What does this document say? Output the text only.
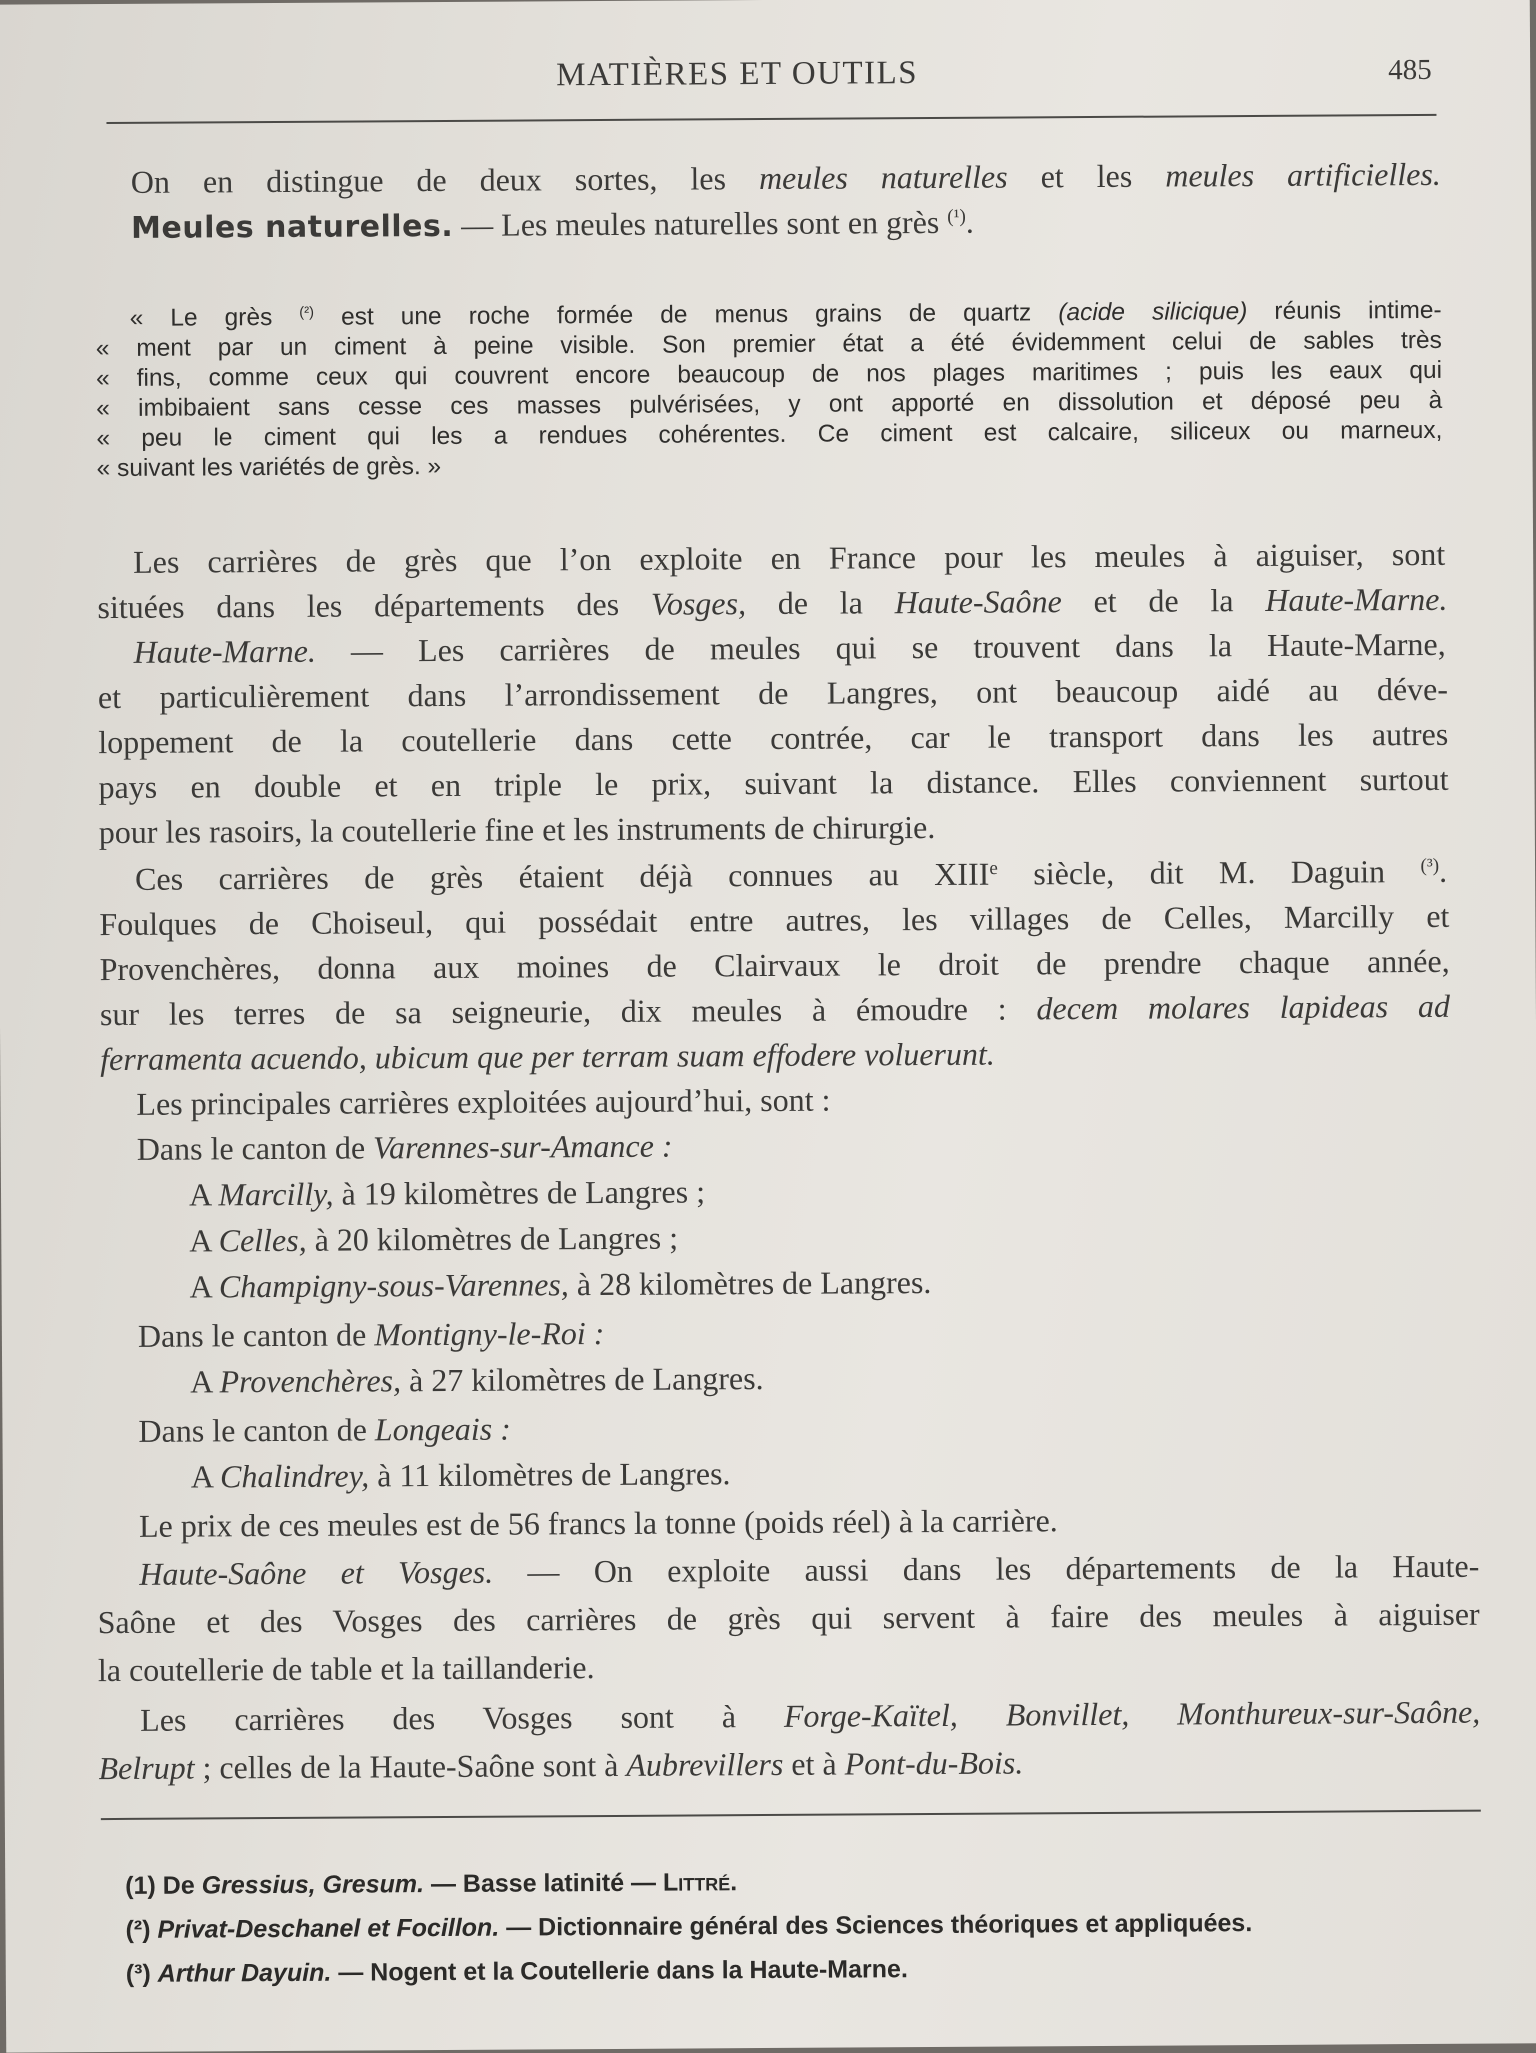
MATIÈRES ET OUTILS	485
On en distingue de deux sortes, les meules naturelles et les meules artificielles.
Meules naturelles. — Les meules naturelles sont en grès $^{(^1)}$.
« Le grès $^{(^2)}$ est une roche formée de menus grains de quartz (acide silicique) réunis intime-
« ment par un ciment à peine visible. Son premier état a été évidemment celui de sables très
« fins, comme ceux qui couvrent encore beaucoup de nos plages maritimes ; puis les eaux qui
« imbibaient sans cesse ces masses pulvérisées, y ont apporté en dissolution et déposé peu à
« peu le ciment qui les a rendues cohérentes. Ce ciment est calcaire, siliceux ou marneux,
« suivant les variétés de grès. »
Les carrières de grès que l’on exploite en France pour les meules à aiguiser, sont
situées dans les départements des Vosges, de la Haute-Saône et de la Haute-Marne.
Haute-Marne. — Les carrières de meules qui se trouvent dans la Haute-Marne,
et particulièrement dans l’arrondissement de Langres, ont beaucoup aidé au déve-
loppement de la coutellerie dans cette contrée, car le transport dans les autres
pays en double et en triple le prix, suivant la distance. Elles conviennent surtout
pour les rasoirs, la coutellerie fine et les instruments de chirurgie.
Ces carrières de grès étaient déjà connues au XIIIe siècle, dit M. Daguin $^{(^3)}$.
Foulques de Choiseul, qui possédait entre autres, les villages de Celles, Marcilly et
Provenchères, donna aux moines de Clairvaux le droit de prendre chaque année,
sur les terres de sa seigneurie, dix meules à émoudre : decem molares lapideas ad
ferramenta acuendo, ubicum que per terram suam effodere voluerunt.
Les principales carrières exploitées aujourd’hui, sont :
Dans le canton de Varennes-sur-Amance :
A Marcilly, à 19 kilomètres de Langres ;
A Celles, à 20 kilomètres de Langres ;
A Champigny-sous-Varennes, à 28 kilomètres de Langres.
Dans le canton de Montigny-le-Roi :
A Provenchères, à 27 kilomètres de Langres.
Dans le canton de Longeais :
A Chalindrey, à 11 kilomètres de Langres.
Le prix de ces meules est de 56 francs la tonne (poids réel) à la carrière.
Haute-Saône et Vosges. — On exploite aussi dans les départements de la Haute-
Saône et des Vosges des carrières de grès qui servent à faire des meules à aiguiser
la coutellerie de table et la taillanderie.
Les carrières des Vosges sont à Forge-Kaïtel, Bonvillet, Monthureux-sur-Saône,
Belrupt ; celles de la Haute-Saône sont à Aubrevillers et à Pont-du-Bois.
(1) De Gressius, Gresum. — Basse latinité — Littré.
(²) Privat-Deschanel et Focillon. — Dictionnaire général des Sciences théoriques et appliquées.
(³) Arthur Dayuin. — Nogent et la Coutellerie dans la Haute-Marne.
